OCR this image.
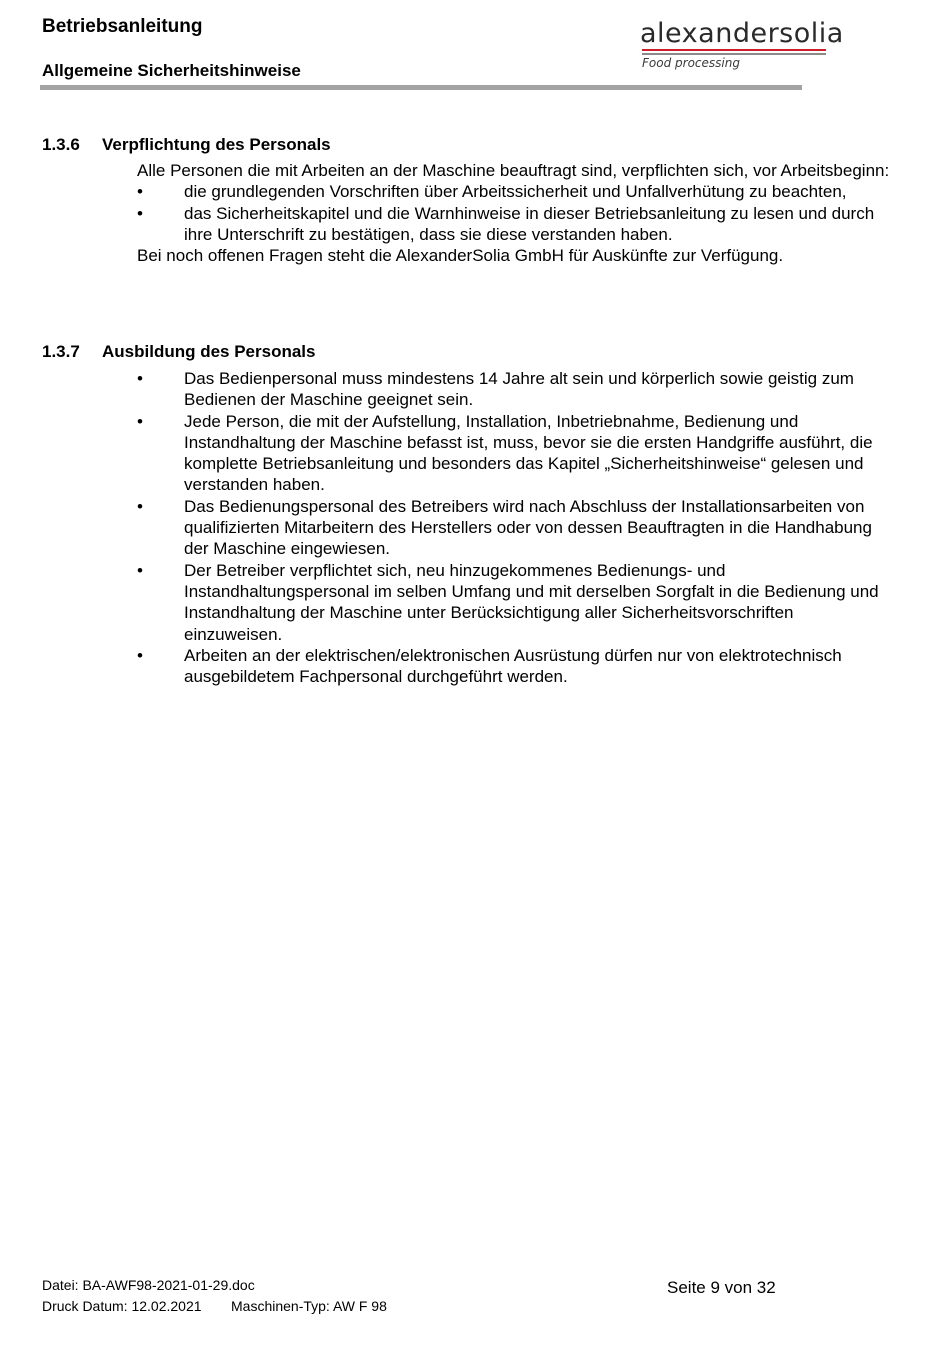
Betriebsanleitung
Allgemeine Sicherheitshinweise
alexandersolia
Food processing
1.3.6 Verpflichtung des Personals

Alle Personen die mit Arbeiten an der Maschine beauftragt sind, verpflichten sich, vor Arbeitsbeginn:

• die grundlegenden Vorschriften über Arbeitssicherheit und Unfallverhütung zu beachten,
• das Sicherheitskapitel und die Warnhinweise in dieser Betriebsanleitung zu lesen und durch ihre Unterschrift zu bestätigen, dass sie diese verstanden haben.

Bei noch offenen Fragen steht die AlexanderSolia GmbH für Auskünfte zur Verfügung.

1.3.7 Ausbildung des Personals
• Das Bedienpersonal muss mindestens 14 Jahre alt sein und körperlich sowie geistig zum Bedienen der Maschine geeignet sein.
• Jede Person, die mit der Aufstellung, Installation, Inbetriebnahme, Bedienung und Instandhaltung der Maschine befasst ist, muss, bevor sie die ersten Handgriffe ausführt, die komplette Betriebsanleitung und besonders das Kapitel „Sicherheitshinweise“ gelesen und verstanden haben.
• Das Bedienungspersonal des Betreibers wird nach Abschluss der Installationsarbeiten von qualifizierten Mitarbeitern des Herstellers oder von dessen Beauftragten in die Handhabung der Maschine eingewiesen.
• Der Betreiber verpflichtet sich, neu hinzugekommenes Bedienungs- und Instandhaltungspersonal im selben Umfang und mit derselben Sorgfalt in die Bedienung und Instandhaltung der Maschine unter Berücksichtigung aller Sicherheitsvorschriften einzuweisen.
• Arbeiten an der elektrischen/elektronischen Ausrüstung dürfen nur von elektrotechnisch ausgebildetem Fachpersonal durchgeführt werden.
Datei: BA-AWF98-2021-01-29.doc
Druck Datum: 12.02.2021 Maschinen-Typ: AW F 98
Seite 9 von 32
